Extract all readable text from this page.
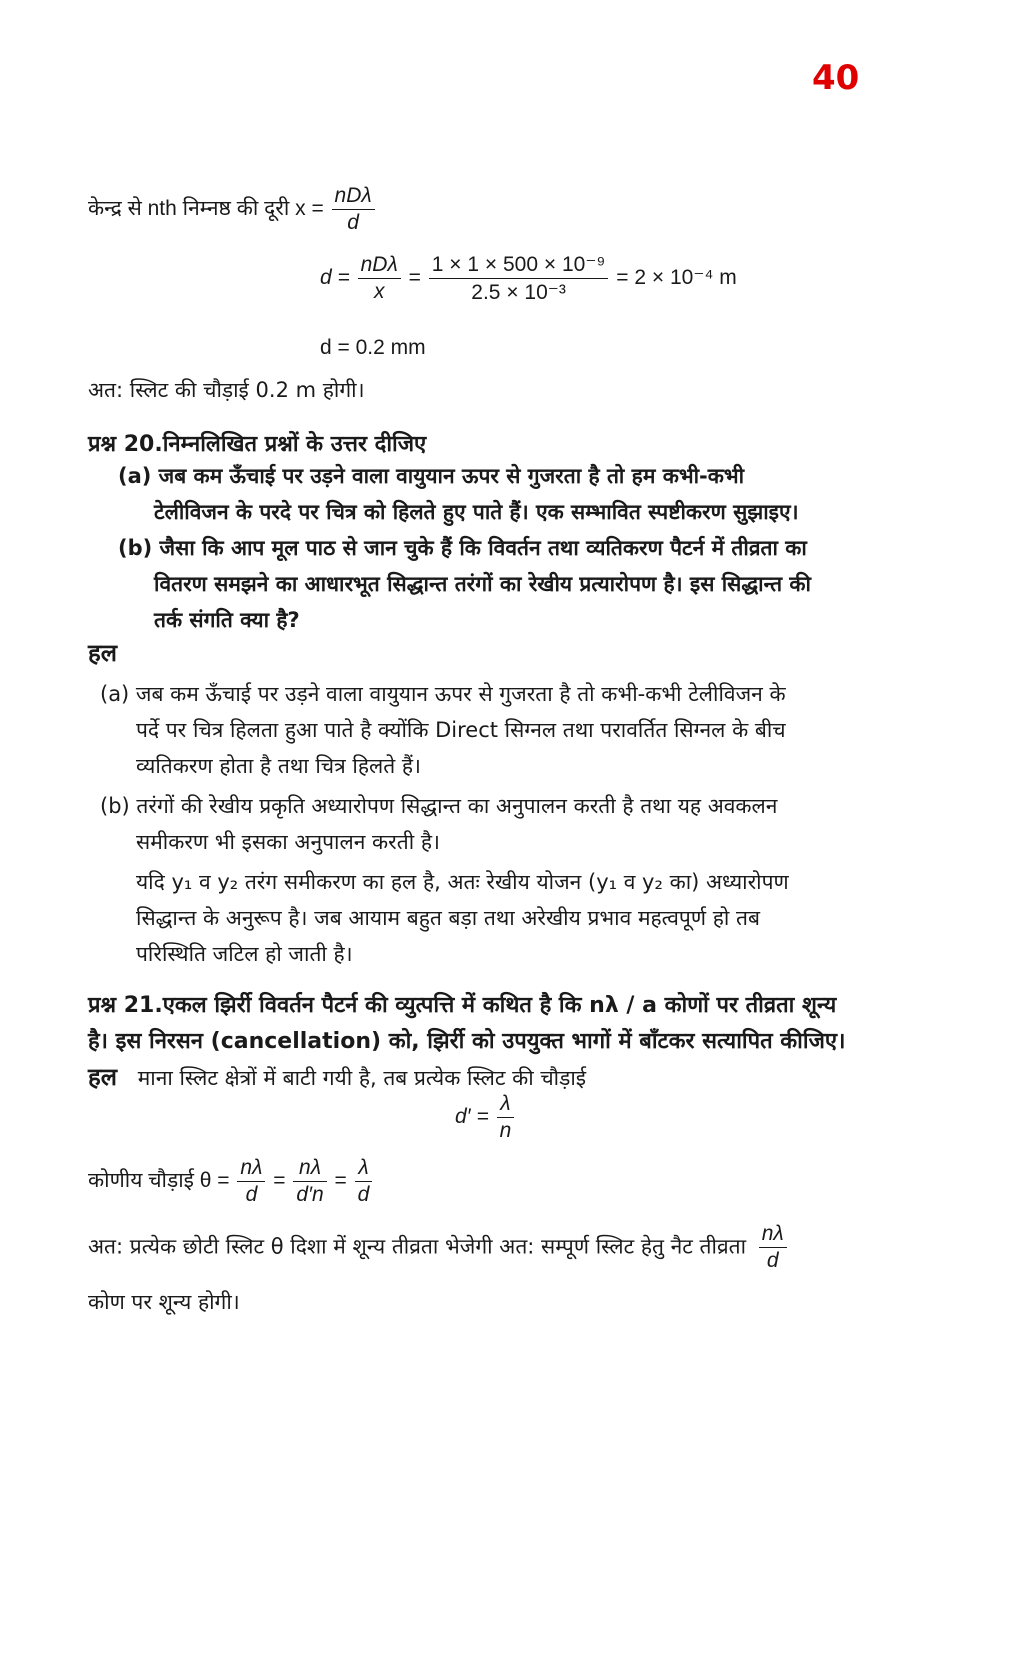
40
केन्द्र से nth निम्नष्ठ की दूरी $x = \frac{\text{nDλ}}{d}$
$d = \frac{\text{nDλ}}{x} = \frac{\text{1 × 1 × 500 × 10⁻⁹}}{\text{2.5 × 10⁻³}} = 2 \times 10^{-4}$ m
d = 0.2 mm
अत: स्लिट की चौड़ाई 0.2 m होगी।
प्रश्न 20.निम्नलिखित प्रश्नों के उत्तर दीजिए
(a) जब कम ऊँचाई पर उड़ने वाला वायुयान ऊपर से गुजरता है तो हम कभी-कभी
टेलीविजन के परदे पर चित्र को हिलते हुए पाते हैं। एक सम्भावित स्पष्टीकरण सुझाइए।
(b) जैसा कि आप मूल पाठ से जान चुके हैं कि विवर्तन तथा व्यतिकरण पैटर्न में तीव्रता का
वितरण समझने का आधारभूत सिद्धान्त तरंगों का रेखीय प्रत्यारोपण है। इस सिद्धान्त की
तर्क संगति क्या है?
हल
(a) जब कम ऊँचाई पर उड़ने वाला वायुयान ऊपर से गुजरता है तो कभी-कभी टेलीविजन के
पर्दे पर चित्र हिलता हुआ पाते है क्योंकि Direct सिग्नल तथा परावर्तित सिग्नल के बीच
व्यतिकरण होता है तथा चित्र हिलते हैं।
(b) तरंगों की रेखीय प्रकृति अध्यारोपण सिद्धान्त का अनुपालन करती है तथा यह अवकलन
समीकरण भी इसका अनुपालन करती है।
यदि y₁ व y₂ तरंग समीकरण का हल है, अतः रेखीय योजन (y₁ व y₂ का) अध्यारोपण
सिद्धान्त के अनुरूप है। जब आयाम बहुत बड़ा तथा अरेखीय प्रभाव महत्वपूर्ण हो तब
परिस्थिति जटिल हो जाती है।
प्रश्न 21.एकल झिर्री विवर्तन पैटर्न की व्युत्पत्ति में कथित है कि nλ / a कोणों पर तीव्रता शून्य
है। इस निरसन (cancellation) को, झिर्री को उपयुक्त भागों में बाँटकर सत्यापित कीजिए।
हल माना स्लिट क्षेत्रों में बाटी गयी है, तब प्रत्येक स्लिट की चौड़ाई
$d' = \frac{\lambda}{n}$
कोणीय चौड़ाई $\theta = \frac{n\lambda}{d} = \frac{n\lambda}{d'n} = \frac{\lambda}{d}$
अत: प्रत्येक छोटी स्लिट θ दिशा में शून्य तीव्रता भेजेगी अत: सम्पूर्ण स्लिट हेतु नैट तीव्रता $\frac{n\lambda}{d}$
कोण पर शून्य होगी।
